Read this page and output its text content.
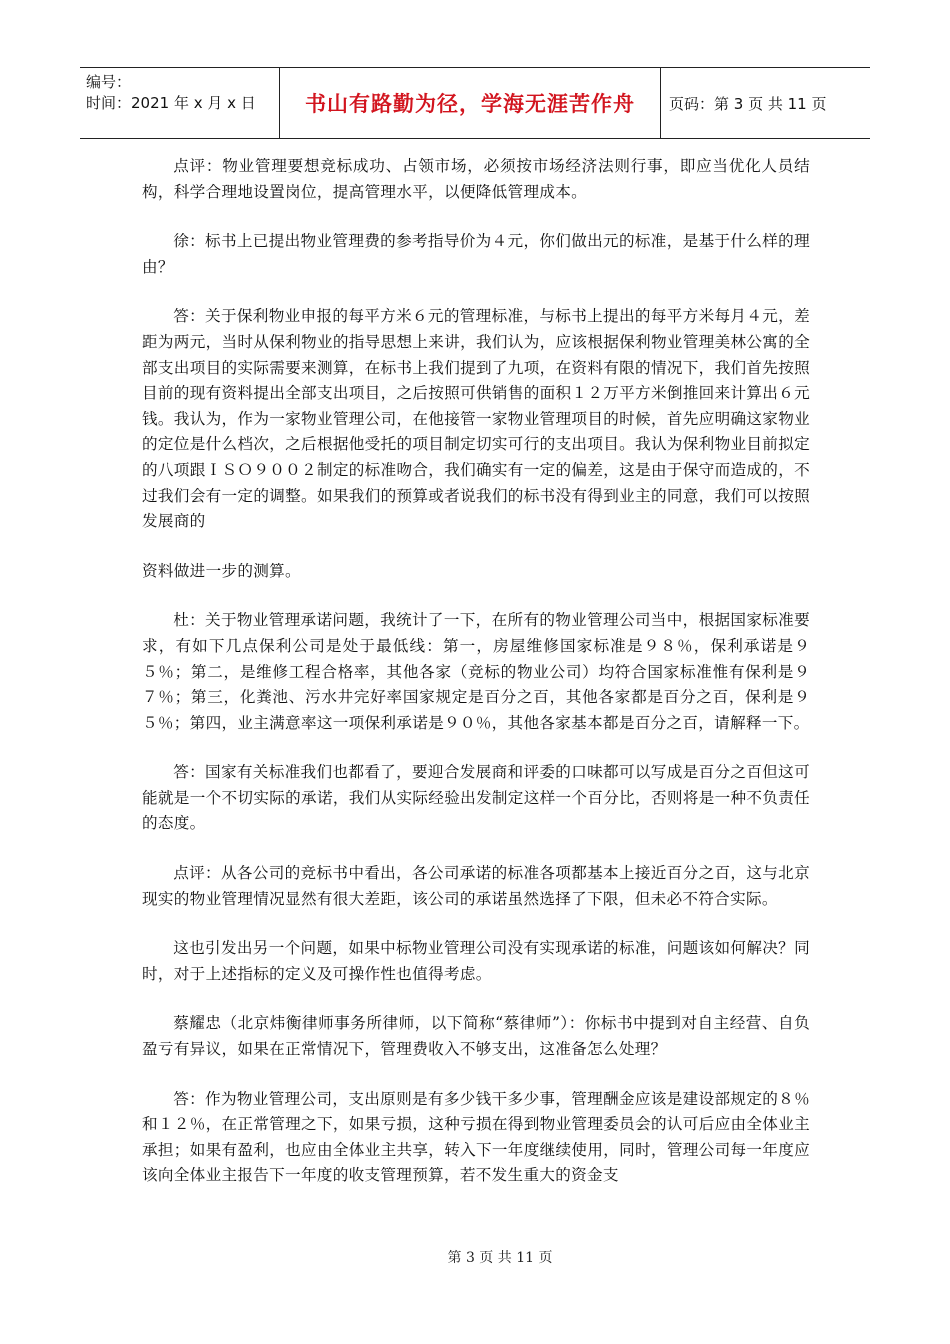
编号：
时间：2021 年 x 月 x 日	书山有路勤为径，学海无涯苦作舟	页码：第 3 页 共 11 页

点评：物业管理要想竞标成功、占领市场，必须按市场经济法则行事，即应当优化人员结构，科学合理地设置岗位，提高管理水平，以便降低管理成本。

徐：标书上已提出物业管理费的参考指导价为４元，你们做出元的标准，是基于什么样的理由？

答：关于保利物业申报的每平方米６元的管理标准，与标书上提出的每平方米每月４元，差距为两元，当时从保利物业的指导思想上来讲，我们认为，应该根据保利物业管理美林公寓的全部支出项目的实际需要来测算，在标书上我们提到了九项，在资料有限的情况下，我们首先按照目前的现有资料提出全部支出项目，之后按照可供销售的面积１２万平方米倒推回来计算出６元钱。我认为，作为一家物业管理公司，在他接管一家物业管理项目的时候，首先应明确这家物业的定位是什么档次，之后根据他受托的项目制定切实可行的支出项目。我认为保利物业目前拟定的八项跟ＩＳＯ９００２制定的标准吻合，我们确实有一定的偏差，这是由于保守而造成的，不过我们会有一定的调整。如果我们的预算或者说我们的标书没有得到业主的同意，我们可以按照发展商的

资料做进一步的测算。

杜：关于物业管理承诺问题，我统计了一下，在所有的物业管理公司当中，根据国家标准要求，有如下几点保利公司是处于最低线：第一，房屋维修国家标准是９８％，保利承诺是９５％；第二，是维修工程合格率，其他各家（竞标的物业公司）均符合国家标准惟有保利是９７％；第三，化粪池、污水井完好率国家规定是百分之百，其他各家都是百分之百，保利是９５％；第四，业主满意率这一项保利承诺是９０％，其他各家基本都是百分之百，请解释一下。

答：国家有关标准我们也都看了，要迎合发展商和评委的口味都可以写成是百分之百但这可能就是一个不切实际的承诺，我们从实际经验出发制定这样一个百分比，否则将是一种不负责任的态度。

点评：从各公司的竞标书中看出，各公司承诺的标准各项都基本上接近百分之百，这与北京现实的物业管理情况显然有很大差距，该公司的承诺虽然选择了下限，但未必不符合实际。

这也引发出另一个问题，如果中标物业管理公司没有实现承诺的标准，问题该如何解决？同时，对于上述指标的定义及可操作性也值得考虑。

蔡耀忠（北京炜衡律师事务所律师，以下简称“蔡律师”）：你标书中提到对自主经营、自负盈亏有异议，如果在正常情况下，管理费收入不够支出，这准备怎么处理？

答：作为物业管理公司，支出原则是有多少钱干多少事，管理酬金应该是建设部规定的８％和１２％，在正常管理之下，如果亏损，这种亏损在得到物业管理委员会的认可后应由全体业主承担；如果有盈利，也应由全体业主共享，转入下一年度继续使用，同时，管理公司每一年度应该向全体业主报告下一年度的收支管理预算，若不发生重大的资金支

第 3 页 共 11 页
